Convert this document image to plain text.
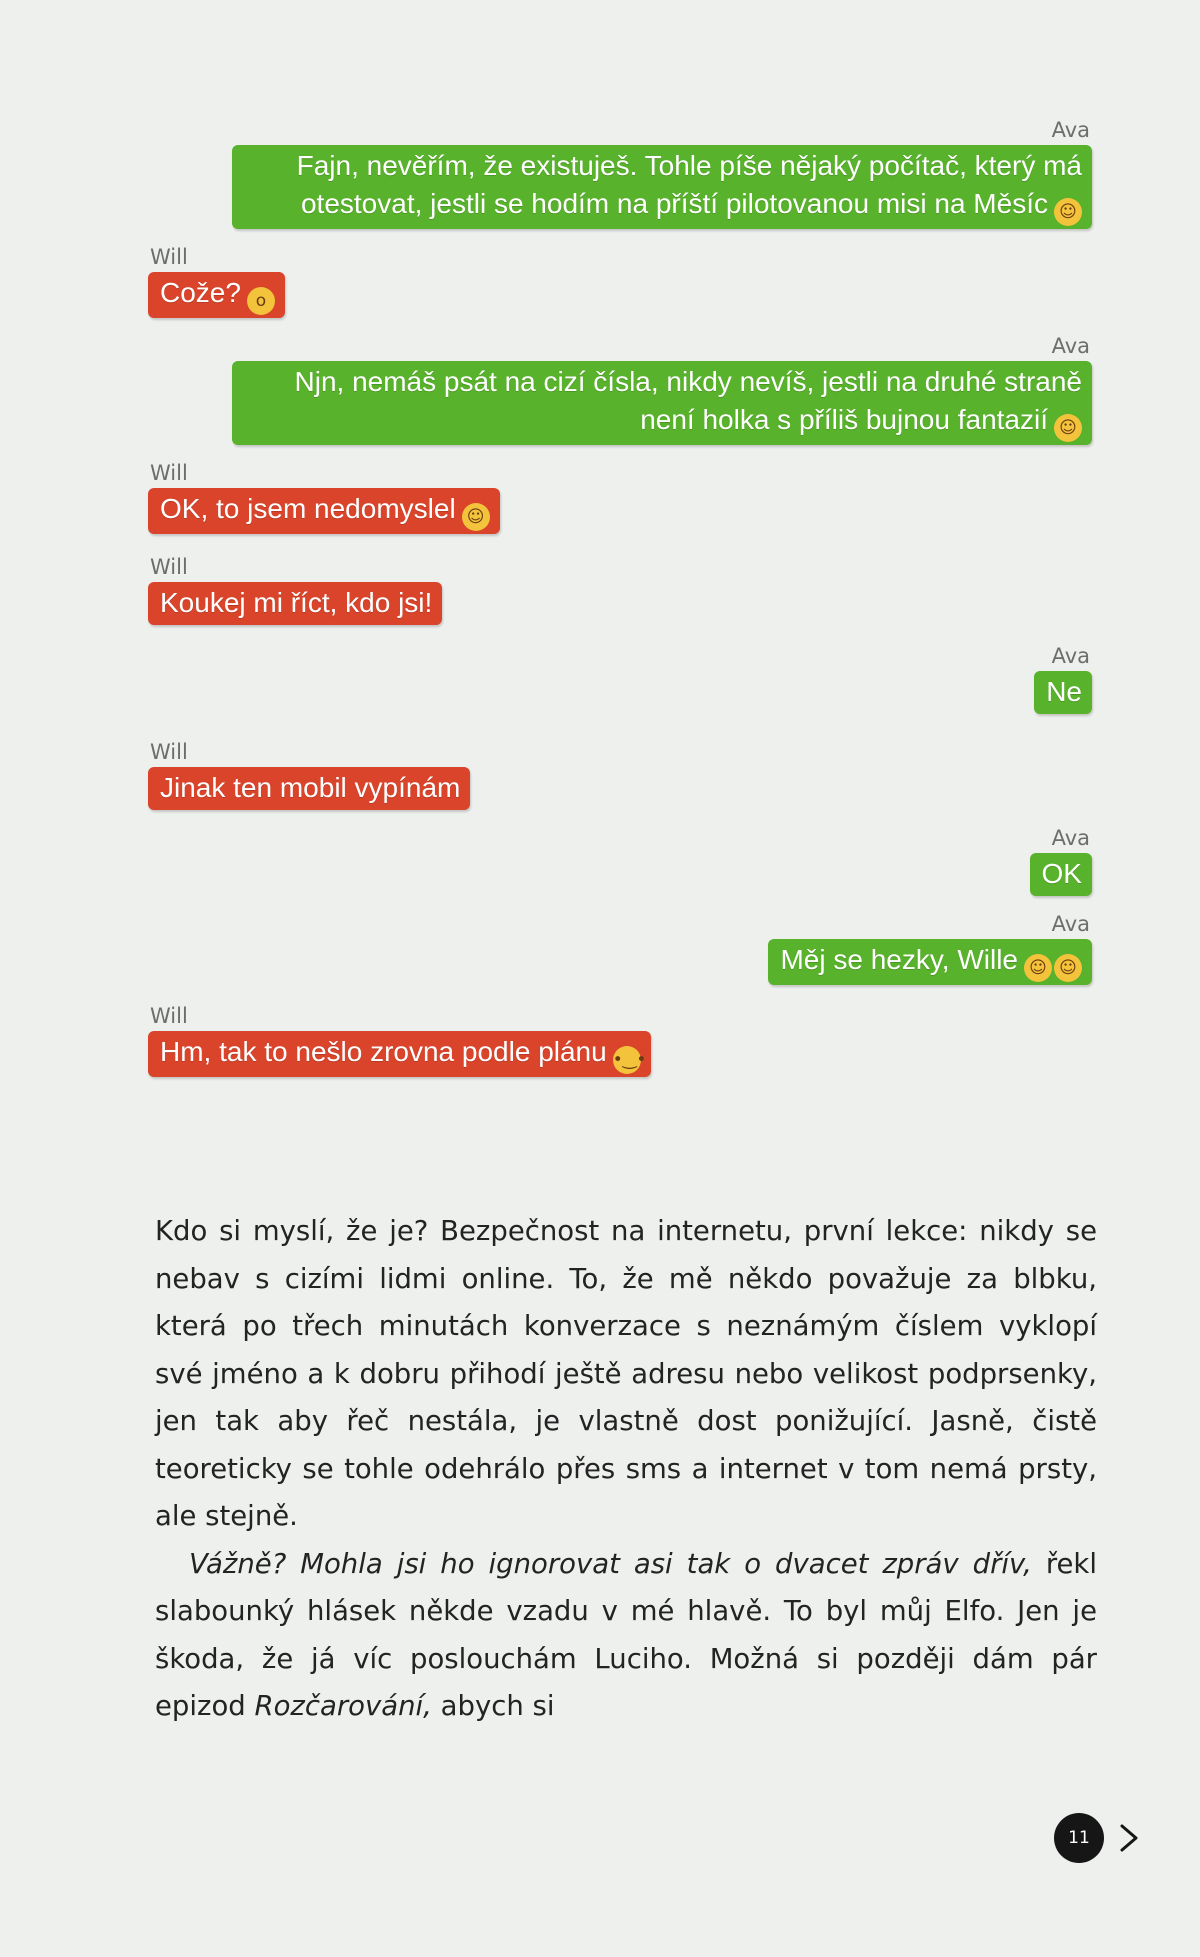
Ava
Fajn, nevěřím, že existuješ. Tohle píše nějaký počítač, který má otestovat, jestli se hodím na příští pilotovanou misi na Měsíc ☺
Will
Cože? o
Ava
Njn, nemáš psát na cizí čísla, nikdy nevíš, jestli na druhé straně není holka s příliš bujnou fantazií ☺
Will
OK, to jsem nedomyslel ☺
Will
Koukej mi říct, kdo jsi!
Ava
Ne
Will
Jinak ten mobil vypínám
Ava
OK
Ava
Měj se hezky, Wille ☺ ☺
Will
Hm, tak to nešlo zrovna podle plánu •‿•

Kdo si myslí, že je? Bezpečnost na internetu, první lekce: nikdy se nebav s cizími lidmi online. To, že mě někdo považuje za blbku, která po třech minutách konverzace s neznámým číslem vyklopí své jméno a k dobru přihodí ještě adresu nebo velikost podprsenky, jen tak aby řeč nestála, je vlastně dost ponižující. Jasně, čistě teoreticky se tohle odehrálo přes sms a internet v tom nemá prsty, ale stejně.

Vážně? Mohla jsi ho ignorovat asi tak o dvacet zpráv dřív, řekl slabounký hlásek někde vzadu v mé hlavě. To byl můj Elfo. Jen je škoda, že já víc poslouchám Luciho. Možná si později dám pár epizod Rozčarování, abych si

11
